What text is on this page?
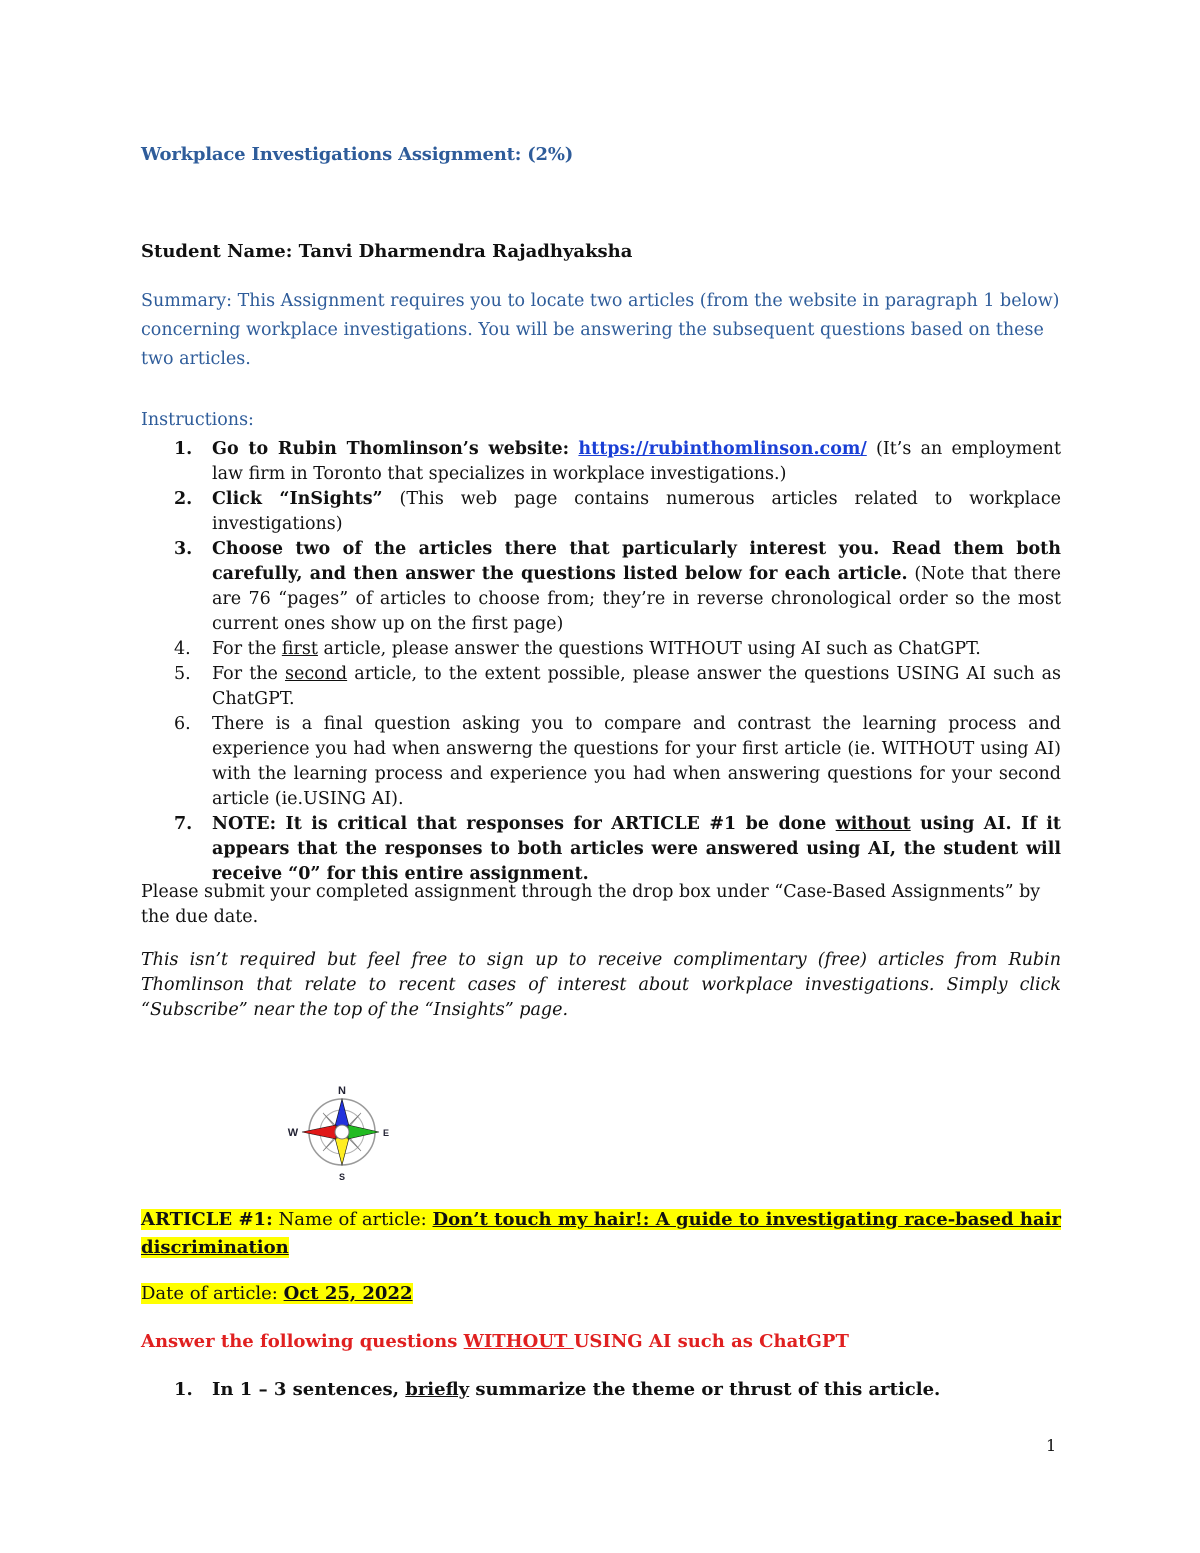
Workplace Investigations Assignment: (2%)

Student Name: Tanvi Dharmendra Rajadhyaksha

Summary: This Assignment requires you to locate two articles (from the website in paragraph 1 below) concerning workplace investigations. You will be answering the subsequent questions based on these two articles.

Instructions:

1. Go to Rubin Thomlinson’s website: https://rubinthomlinson.com/ (It’s an employment law firm in Toronto that specializes in workplace investigations.)
2. Click “InSights” (This web page contains numerous articles related to workplace investigations)
3. Choose two of the articles there that particularly interest you. Read them both carefully, and then answer the questions listed below for each article. (Note that there are 76 “pages” of articles to choose from; they’re in reverse chronological order so the most current ones show up on the first page)
4. For the first article, please answer the questions WITHOUT using AI such as ChatGPT.
5. For the second article, to the extent possible, please answer the questions USING AI such as ChatGPT.
6. There is a final question asking you to compare and contrast the learning process and experience you had when answerng the questions for your first article (ie. WITHOUT using AI) with the learning process and experience you had when answering questions for your second article (ie.USING AI).
7. NOTE: It is critical that responses for ARTICLE #1 be done without using AI. If it appears that the responses to both articles were answered using AI, the student will receive “0” for this entire assignment.

Please submit your completed assignment through the drop box under “Case-Based Assignments” by the due date.

This isn’t required but feel free to sign up to receive complimentary (free) articles from Rubin Thomlinson that relate to recent cases of interest about workplace investigations. Simply click “Subscribe” near the top of the “Insights” page.

N
E
S
W

ARTICLE #1: Name of article: Don’t touch my hair!: A guide to investigating race-based hair discrimination

Date of article: Oct 25, 2022

Answer the following questions WITHOUT USING AI such as ChatGPT

1. In 1 – 3 sentences, briefly summarize the theme or thrust of this article.

1
